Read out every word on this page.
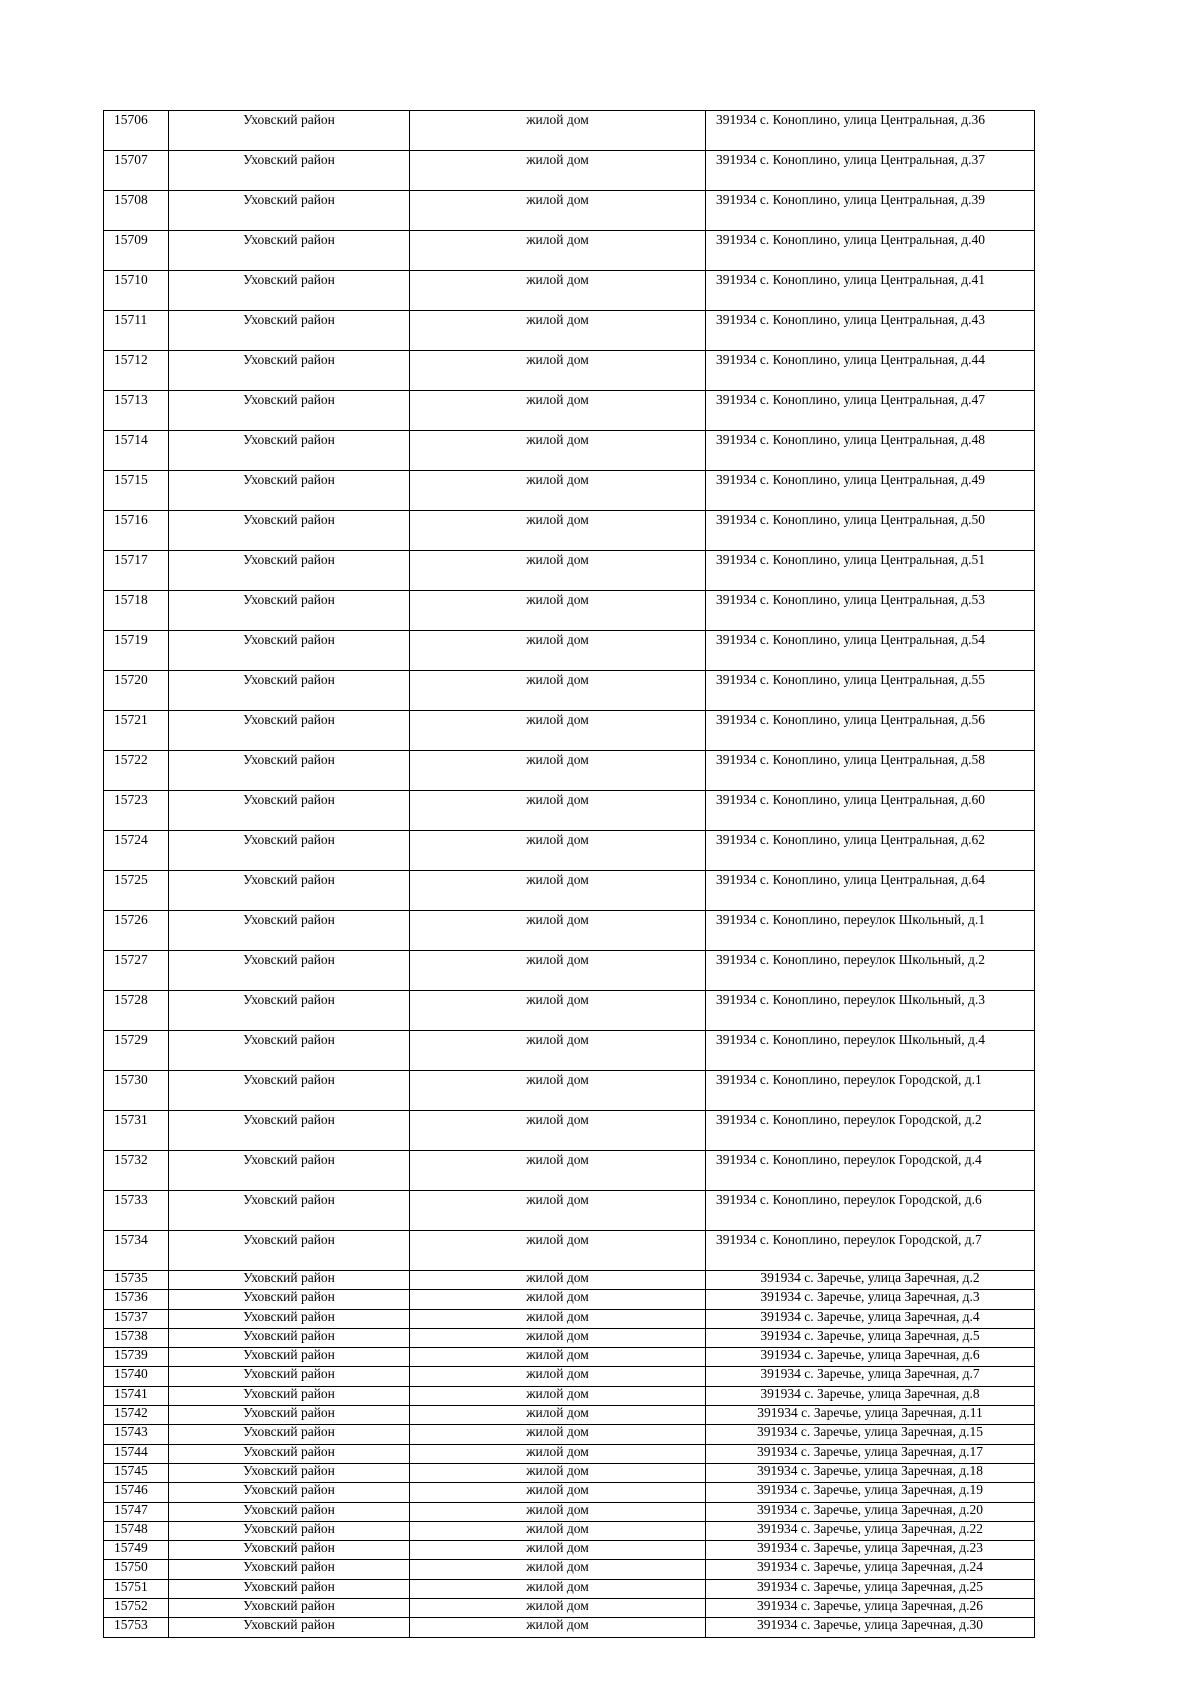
15706	Уховский район	жилой дом	391934 с. Коноплино, улица Центральная, д.36
15707	Уховский район	жилой дом	391934 с. Коноплино, улица Центральная, д.37
15708	Уховский район	жилой дом	391934 с. Коноплино, улица Центральная, д.39
15709	Уховский район	жилой дом	391934 с. Коноплино, улица Центральная, д.40
15710	Уховский район	жилой дом	391934 с. Коноплино, улица Центральная, д.41
15711	Уховский район	жилой дом	391934 с. Коноплино, улица Центральная, д.43
15712	Уховский район	жилой дом	391934 с. Коноплино, улица Центральная, д.44
15713	Уховский район	жилой дом	391934 с. Коноплино, улица Центральная, д.47
15714	Уховский район	жилой дом	391934 с. Коноплино, улица Центральная, д.48
15715	Уховский район	жилой дом	391934 с. Коноплино, улица Центральная, д.49
15716	Уховский район	жилой дом	391934 с. Коноплино, улица Центральная, д.50
15717	Уховский район	жилой дом	391934 с. Коноплино, улица Центральная, д.51
15718	Уховский район	жилой дом	391934 с. Коноплино, улица Центральная, д.53
15719	Уховский район	жилой дом	391934 с. Коноплино, улица Центральная, д.54
15720	Уховский район	жилой дом	391934 с. Коноплино, улица Центральная, д.55
15721	Уховский район	жилой дом	391934 с. Коноплино, улица Центральная, д.56
15722	Уховский район	жилой дом	391934 с. Коноплино, улица Центральная, д.58
15723	Уховский район	жилой дом	391934 с. Коноплино, улица Центральная, д.60
15724	Уховский район	жилой дом	391934 с. Коноплино, улица Центральная, д.62
15725	Уховский район	жилой дом	391934 с. Коноплино, улица Центральная, д.64
15726	Уховский район	жилой дом	391934 с. Коноплино, переулок Школьный, д.1
15727	Уховский район	жилой дом	391934 с. Коноплино, переулок Школьный, д.2
15728	Уховский район	жилой дом	391934 с. Коноплино, переулок Школьный, д.3
15729	Уховский район	жилой дом	391934 с. Коноплино, переулок Школьный, д.4
15730	Уховский район	жилой дом	391934 с. Коноплино, переулок Городской, д.1
15731	Уховский район	жилой дом	391934 с. Коноплино, переулок Городской, д.2
15732	Уховский район	жилой дом	391934 с. Коноплино, переулок Городской, д.4
15733	Уховский район	жилой дом	391934 с. Коноплино, переулок Городской, д.6
15734	Уховский район	жилой дом	391934 с. Коноплино, переулок Городской, д.7
15735	Уховский район	жилой дом	391934 с. Заречье, улица Заречная, д.2
15736	Уховский район	жилой дом	391934 с. Заречье, улица Заречная, д.3
15737	Уховский район	жилой дом	391934 с. Заречье, улица Заречная, д.4
15738	Уховский район	жилой дом	391934 с. Заречье, улица Заречная, д.5
15739	Уховский район	жилой дом	391934 с. Заречье, улица Заречная, д.6
15740	Уховский район	жилой дом	391934 с. Заречье, улица Заречная, д.7
15741	Уховский район	жилой дом	391934 с. Заречье, улица Заречная, д.8
15742	Уховский район	жилой дом	391934 с. Заречье, улица Заречная, д.11
15743	Уховский район	жилой дом	391934 с. Заречье, улица Заречная, д.15
15744	Уховский район	жилой дом	391934 с. Заречье, улица Заречная, д.17
15745	Уховский район	жилой дом	391934 с. Заречье, улица Заречная, д.18
15746	Уховский район	жилой дом	391934 с. Заречье, улица Заречная, д.19
15747	Уховский район	жилой дом	391934 с. Заречье, улица Заречная, д.20
15748	Уховский район	жилой дом	391934 с. Заречье, улица Заречная, д.22
15749	Уховский район	жилой дом	391934 с. Заречье, улица Заречная, д.23
15750	Уховский район	жилой дом	391934 с. Заречье, улица Заречная, д.24
15751	Уховский район	жилой дом	391934 с. Заречье, улица Заречная, д.25
15752	Уховский район	жилой дом	391934 с. Заречье, улица Заречная, д.26
15753	Уховский район	жилой дом	391934 с. Заречье, улица Заречная, д.30
